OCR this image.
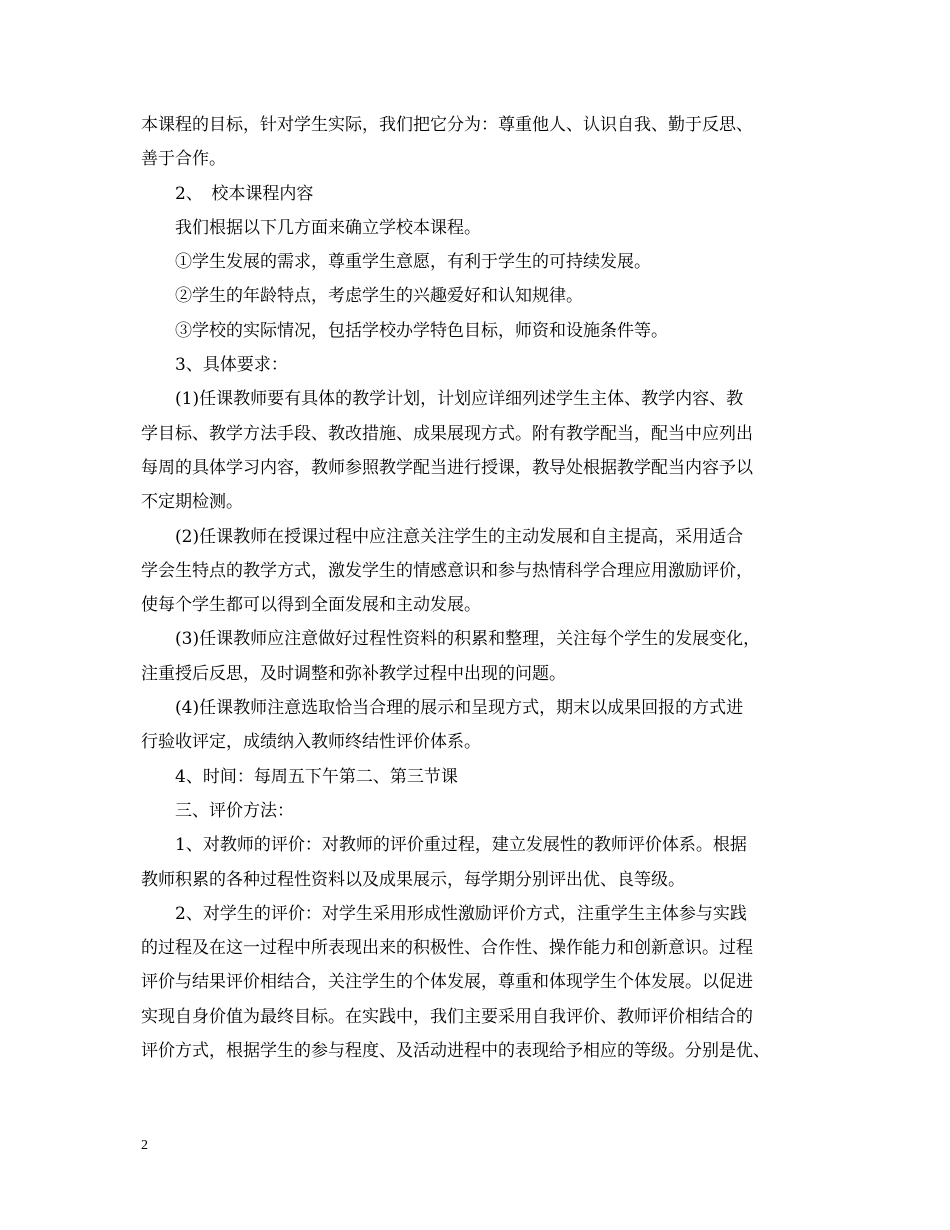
本课程的目标，针对学生实际，我们把它分为：尊重他人、认识自我、勤于反思、
善于合作。
2、　校本课程内容
我们根据以下几方面来确立学校本课程。
①学生发展的需求，尊重学生意愿，有利于学生的可持续发展。
②学生的年龄特点，考虑学生的兴趣爱好和认知规律。
③学校的实际情况，包括学校办学特色目标，师资和设施条件等。
3、具体要求：
(1)任课教师要有具体的教学计划，计划应详细列述学生主体、教学内容、教
学目标、教学方法手段、教改措施、成果展现方式。附有教学配当，配当中应列出
每周的具体学习内容，教师参照教学配当进行授课，教导处根据教学配当内容予以
不定期检测。
(2)任课教师在授课过程中应注意关注学生的主动发展和自主提高，采用适合
学会生特点的教学方式，激发学生的情感意识和参与热情科学合理应用激励评价，
使每个学生都可以得到全面发展和主动发展。
(3)任课教师应注意做好过程性资料的积累和整理，关注每个学生的发展变化，
注重授后反思，及时调整和弥补教学过程中出现的问题。
(4)任课教师注意选取恰当合理的展示和呈现方式，期末以成果回报的方式进
行验收评定，成绩纳入教师终结性评价体系。
4、时间：每周五下午第二、第三节课
三、评价方法：
1、对教师的评价：对教师的评价重过程，建立发展性的教师评价体系。根据
教师积累的各种过程性资料以及成果展示，每学期分别评出优、良等级。
2、对学生的评价：对学生采用形成性激励评价方式，注重学生主体参与实践
的过程及在这一过程中所表现出来的积极性、合作性、操作能力和创新意识。过程
评价与结果评价相结合，关注学生的个体发展，尊重和体现学生个体发展。以促进
实现自身价值为最终目标。在实践中，我们主要采用自我评价、教师评价相结合的
评价方式，根据学生的参与程度、及活动进程中的表现给予相应的等级。分别是优、
2
